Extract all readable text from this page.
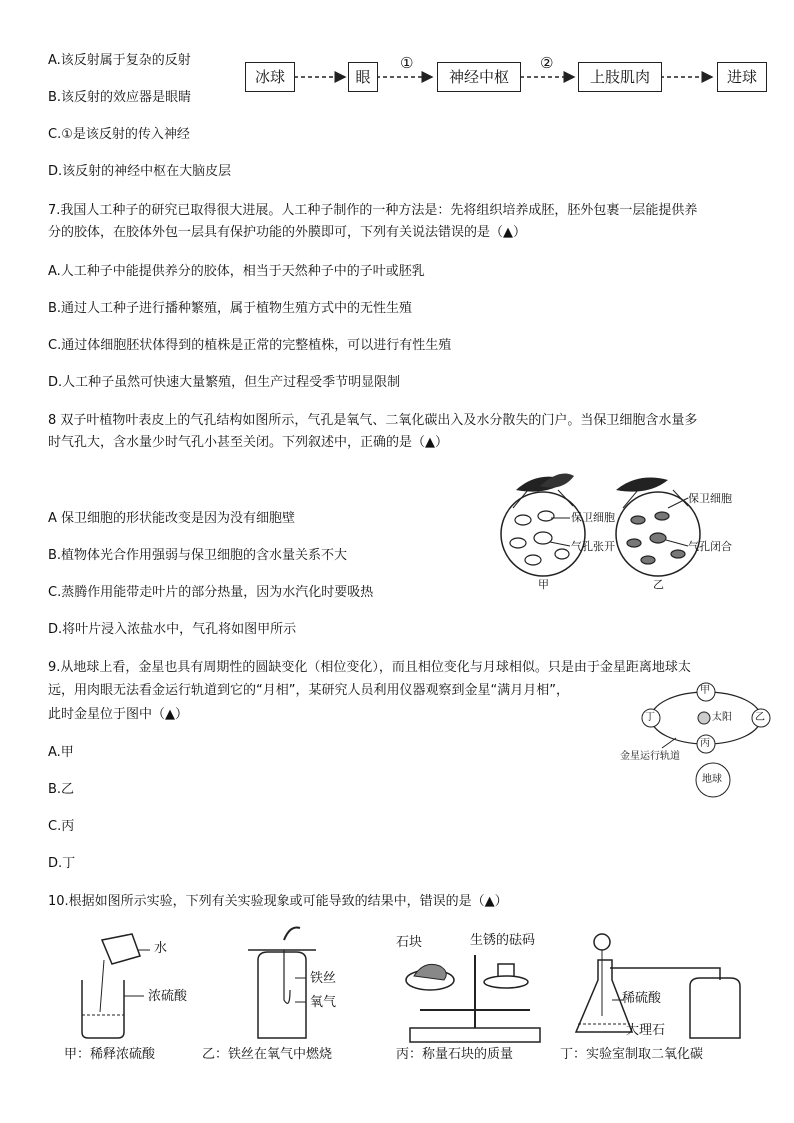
A.该反射属于复杂的反射
B.该反射的效应器是眼睛
C.①是该反射的传入神经
D.该反射的神经中枢在大脑皮层
冰球	眼	神经中枢	上肢肌肉	进球
①	②
7.我国人工种子的研究已取得很大进展。人工种子制作的一种方法是：先将组织培养成胚，胚外包裹一层能提供养
分的胶体，在胶体外包一层具有保护功能的外膜即可，下列有关说法错误的是（▲）
A.人工种子中能提供养分的胶体，相当于天然种子中的子叶或胚乳
B.通过人工种子进行播种繁殖，属于植物生殖方式中的无性生殖
C.通过体细胞胚状体得到的植株是正常的完整植株，可以进行有性生殖
D.人工种子虽然可快速大量繁殖，但生产过程受季节明显限制
8 双子叶植物叶表皮上的气孔结构如图所示，气孔是氧气、二氧化碳出入及水分散失的门户。当保卫细胞含水量多
时气孔大，含水量少时气孔小甚至关闭。下列叙述中，正确的是（▲）
A 保卫细胞的形状能改变是因为没有细胞壁
B.植物体光合作用强弱与保卫细胞的含水量关系不大
C.蒸腾作用能带走叶片的部分热量，因为水汽化时要吸热
D.将叶片浸入浓盐水中，气孔将如图甲所示
保卫细胞
气孔张开
甲
保卫细胞
气孔闭合
乙
9.从地球上看，金星也具有周期性的圆缺变化（相位变化），而且相位变化与月球相似。只是由于金星距离地球太
远，用肉眼无法看金运行轨道到它的“月相”，某研究人员利用仪器观察到金星“满月月相”，
此时金星位于图中（▲）
A.甲
B.乙
C.丙
D.丁
甲
乙
丙
丁	太阳
金星运行轨道
地球
10.根据如图所示实验，下列有关实验现象或可能导致的结果中，错误的是（▲）
水
浓硫酸
甲：稀释浓硫酸
铁丝
氧气
乙：铁丝在氧气中燃烧
石块	生锈的砝码
丙：称量石块的质量
稀硫酸
大理石
丁：实验室制取二氧化碳
